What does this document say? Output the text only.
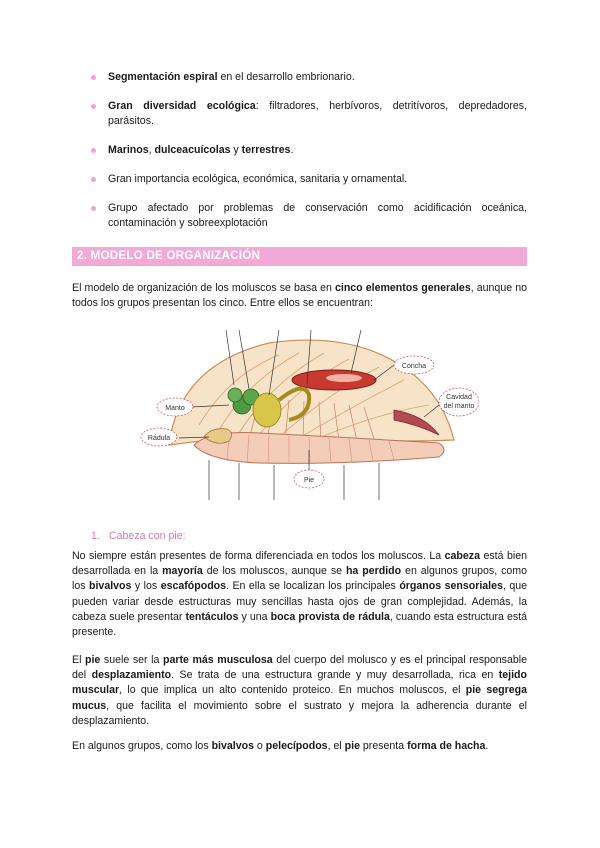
Segmentación espiral en el desarrollo embrionario.
Gran diversidad ecológica: filtradores, herbívoros, detritívoros, depredadores, parásitos.
Marinos, dulceacuícolas y terrestres.
Gran importancia ecológica, económica, sanitaria y ornamental.
Grupo afectado por problemas de conservación como acidificación oceánica, contaminación y sobreexplotación
2. MODELO DE ORGANIZACIÓN
El modelo de organización de los moluscos se basa en cinco elementos generales, aunque no todos los grupos presentan los cinco. Entre ellos se encuentran:
Concha
Cavidad
del manto
Manto
Rádula
Pie
1. Cabeza con pie:
No siempre están presentes de forma diferenciada en todos los moluscos. La cabeza está bien desarrollada en la mayoría de los moluscos, aunque se ha perdido en algunos grupos, como los bivalvos y los escafópodos. En ella se localizan los principales órganos sensoriales, que pueden variar desde estructuras muy sencillas hasta ojos de gran complejidad. Además, la cabeza suele presentar tentáculos y una boca provista de rádula, cuando esta estructura está presente.
El pie suele ser la parte más musculosa del cuerpo del molusco y es el principal responsable del desplazamiento. Se trata de una estructura grande y muy desarrollada, rica en tejido muscular, lo que implica un alto contenido proteico. En muchos moluscos, el pie segrega mucus, que facilita el movimiento sobre el sustrato y mejora la adherencia durante el desplazamiento.
En algunos grupos, como los bivalvos o pelecípodos, el pie presenta forma de hacha.
